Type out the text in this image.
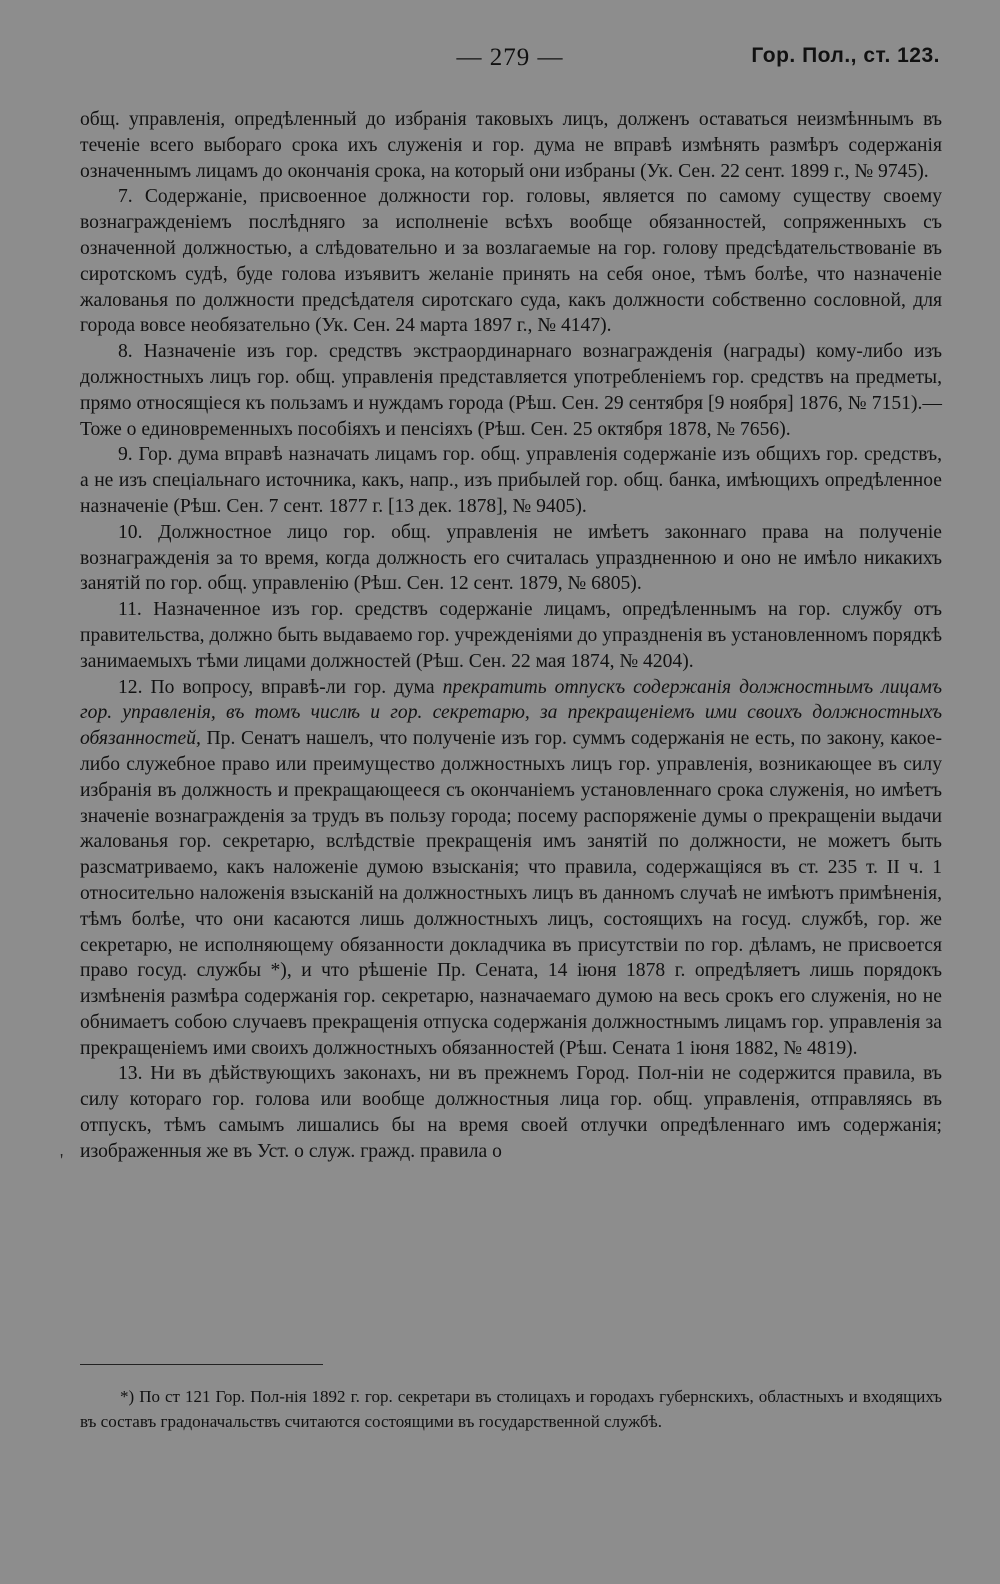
— 279 —	Гор. Пол., ст. 123.

общ. управленія, опредѣленный до избранія таковыхъ лицъ, долженъ оставаться неизмѣннымъ въ теченіе всего выбораго срока ихъ служенія и гор. дума не вправѣ измѣнять размѣръ содержанія означеннымъ лицамъ до окончанія срока, на который они избраны (Ук. Сен. 22 сент. 1899 г., № 9745).

7. Содержаніе, присвоенное должности гор. головы, является по самому существу своему вознагражденіемъ послѣдняго за исполненіе всѣхъ вообще обязанностей, сопряженныхъ съ означенной должностью, а слѣдовательно и за возлагаемые на гор. голову предсѣдательствованіе въ сиротскомъ судѣ, буде голова изъявитъ желаніе принять на себя оное, тѣмъ болѣе, что назначеніе жалованья по должности предсѣдателя сиротскаго суда, какъ должности собственно сословной, для города вовсе необязательно (Ук. Сен. 24 марта 1897 г., № 4147).

8. Назначеніе изъ гор. средствъ экстраординарнаго вознагражденія (награды) кому-либо изъ должностныхъ лицъ гор. общ. управленія представляется употребленіемъ гор. средствъ на предметы, прямо относящіеся къ пользамъ и нуждамъ города (Рѣш. Сен. 29 сентября [9 ноября] 1876, № 7151).—Тоже о единовременныхъ пособіяхъ и пенсіяхъ (Рѣш. Сен. 25 октября 1878, № 7656).

9. Гор. дума вправѣ назначать лицамъ гор. общ. управленія содержаніе изъ общихъ гор. средствъ, а не изъ спеціальнаго источника, какъ, напр., изъ прибылей гор. общ. банка, имѣющихъ опредѣленное назначеніе (Рѣш. Сен. 7 сент. 1877 г. [13 дек. 1878], № 9405).

10. Должностное лицо гор. общ. управленія не имѣетъ законнаго права на полученіе вознагражденія за то время, когда должность его считалась упраздненною и оно не имѣло никакихъ занятій по гор. общ. управленію (Рѣш. Сен. 12 сент. 1879, № 6805).

11. Назначенное изъ гор. средствъ содержаніе лицамъ, опредѣленнымъ на гор. службу отъ правительства, должно быть выдаваемо гор. учрежденіями до упраздненія въ установленномъ порядкѣ занимаемыхъ тѣми лицами должностей (Рѣш. Сен. 22 мая 1874, № 4204).

12. По вопросу, вправѣ-ли гор. дума прекратить отпускъ содержанія должностнымъ лицамъ гор. управленія, въ томъ числѣ и гор. секретарю, за прекращеніемъ ими своихъ должностныхъ обязанностей, Пр. Сенатъ нашелъ, что полученіе изъ гор. суммъ содержанія не есть, по закону, какое-либо служебное право или преимущество должностныхъ лицъ гор. управленія, возникающее въ силу избранія въ должность и прекращающееся съ окончаніемъ установленнаго срока служенія, но имѣетъ значеніе вознагражденія за трудъ въ пользу города; посему распоряженіе думы о прекращеніи выдачи жалованья гор. секретарю, вслѣдствіе прекращенія имъ занятій по должности, не можетъ быть разсматриваемо, какъ наложеніе думою взысканія; что правила, содержащіяся въ ст. 235 т. II ч. 1 относительно наложенія взысканій на должностныхъ лицъ въ данномъ случаѣ не имѣютъ примѣненія, тѣмъ болѣе, что они касаются лишь должностныхъ лицъ, состоящихъ на госуд. службѣ, гор. же секретарю, не исполняющему обязанности докладчика въ присутствіи по гор. дѣламъ, не присвоется право госуд. службы *), и что рѣшеніе Пр. Сената, 14 іюня 1878 г. опредѣляетъ лишь порядокъ измѣненія размѣра содержанія гор. секретарю, назначаемаго думою на весь срокъ его служенія, но не обнимаетъ собою случаевъ прекращенія отпуска содержанія должностнымъ лицамъ гор. управленія за прекращеніемъ ими своихъ должностныхъ обязанностей (Рѣш. Сената 1 іюня 1882, № 4819).

13. Ни въ дѣйствующихъ законахъ, ни въ прежнемъ Город. Пол-ніи не содержится правила, въ силу котораго гор. голова или вообще должностныя лица гор. общ. управленія, отправляясь въ отпускъ, тѣмъ самымъ лишались бы на время своей отлучки опредѣленнаго имъ содержанія; изображенныя же въ Уст. о служ. гражд. правила о

'
*) По ст 121 Гор. Пол-нія 1892 г. гор. секретари въ столицахъ и городахъ губернскихъ, областныхъ и входящихъ въ составъ градоначальствъ считаются состоящими въ государственной службѣ.
